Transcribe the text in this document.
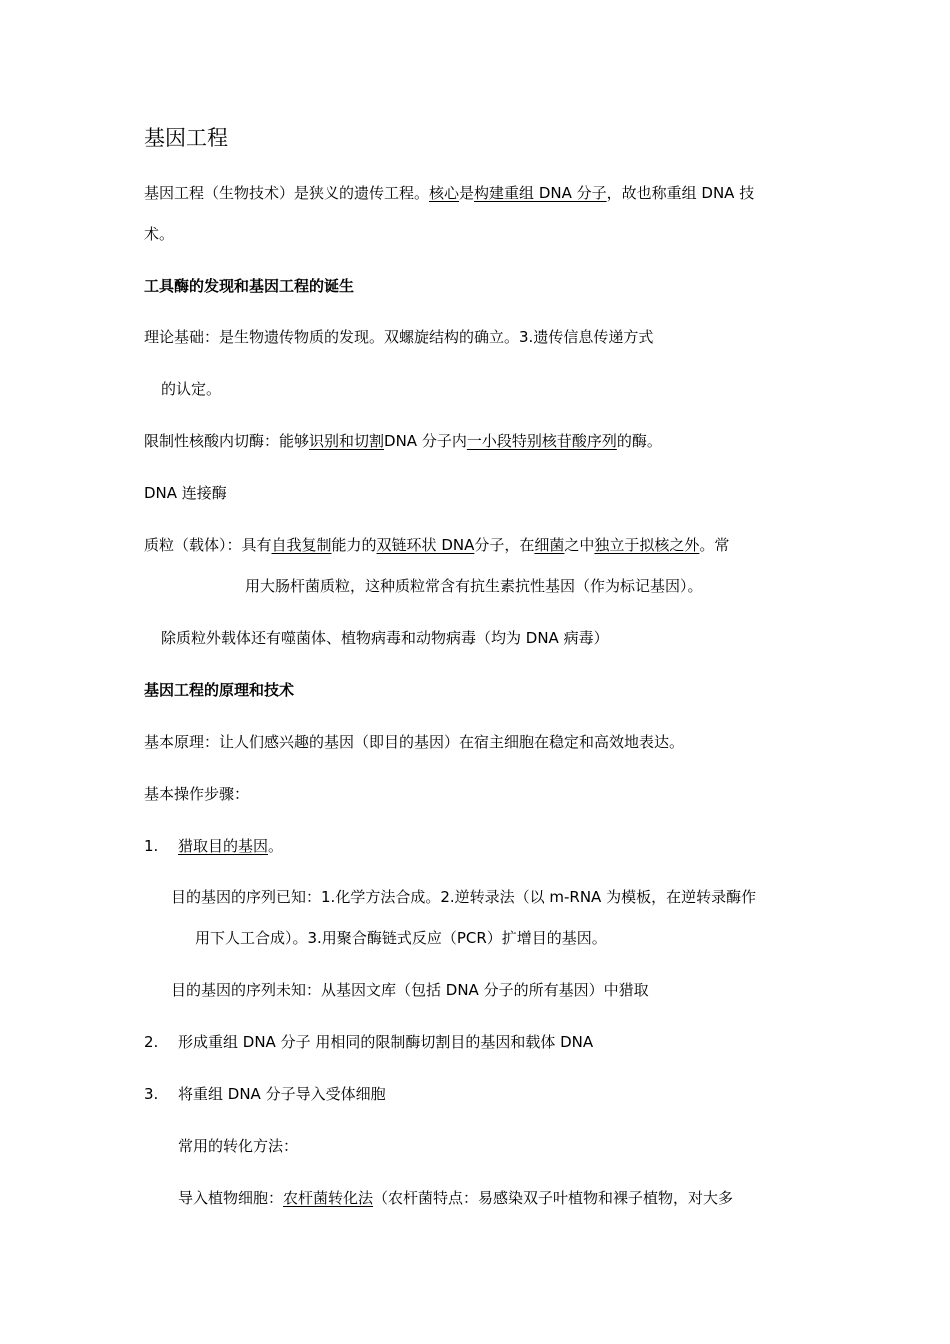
基因工程
基因工程（生物技术）是狭义的遗传工程。核心是构建重组 DNA 分子，故也称重组 DNA 技
术。
工具酶的发现和基因工程的诞生
理论基础：是生物遗传物质的发现。双螺旋结构的确立。3.遗传信息传递方式
的认定。
限制性核酸内切酶：能够识别和切割DNA 分子内一小段特别核苷酸序列的酶。
DNA 连接酶
质粒（载体）：具有自我复制能力的双链环状 DNA分子，在细菌之中独立于拟核之外。常
用大肠杆菌质粒，这种质粒常含有抗生素抗性基因（作为标记基因）。
除质粒外载体还有噬菌体、植物病毒和动物病毒（均为 DNA 病毒）
基因工程的原理和技术
基本原理：让人们感兴趣的基因（即目的基因）在宿主细胞在稳定和高效地表达。
基本操作步骤：
1. 猎取目的基因。
目的基因的序列已知：1.化学方法合成。2.逆转录法（以 m-RNA 为模板，在逆转录酶作
用下人工合成）。3.用聚合酶链式反应（PCR）扩增目的基因。
目的基因的序列未知：从基因文库（包括 DNA 分子的所有基因）中猎取
2. 形成重组 DNA 分子 用相同的限制酶切割目的基因和载体 DNA
3. 将重组 DNA 分子导入受体细胞
常用的转化方法：
导入植物细胞：农杆菌转化法（农杆菌特点：易感染双子叶植物和裸子植物，对大多
